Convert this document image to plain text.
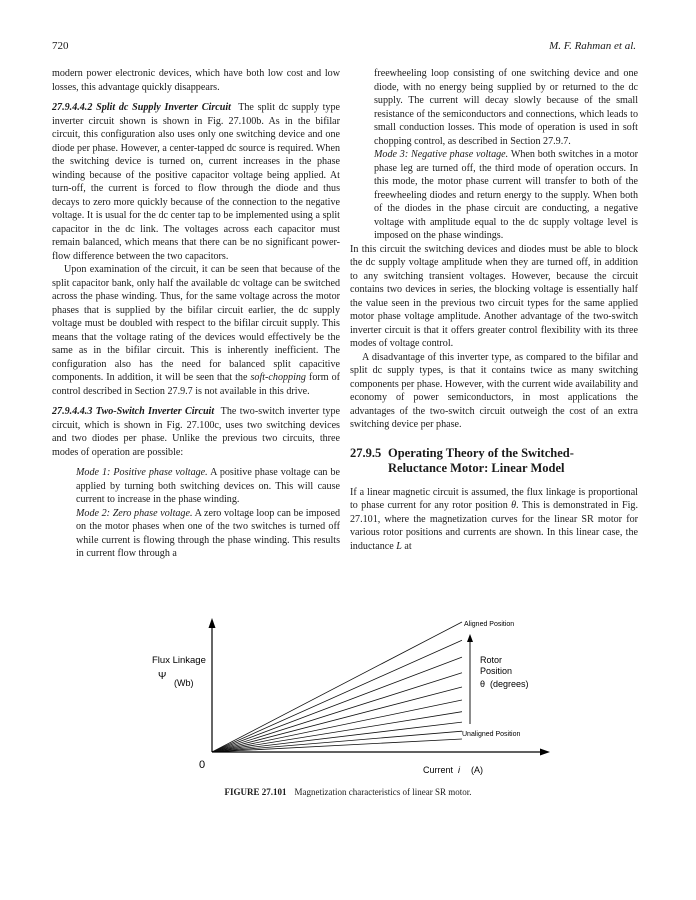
720	M. F. Rahman et al.

modern power electronic devices, which have both low cost and low losses, this advantage quickly disappears.

27.9.4.4.2 Split dc Supply Inverter Circuit The split dc supply type inverter circuit shown is shown in Fig. 27.100b. As in the bifilar circuit, this configuration also uses only one switching device and one diode per phase. However, a center-tapped dc source is required. When the switching device is turned on, current increases in the phase winding because of the positive capacitor voltage being applied. At turn-off, the current is forced to flow through the diode and thus decays to zero more quickly because of the connection to the negative voltage. It is usual for the dc center tap to be implemented using a split capacitor in the dc link. The voltages across each capacitor must remain balanced, which means that there can be no significant power-flow difference between the two capacitors.

Upon examination of the circuit, it can be seen that because of the split capacitor bank, only half the available dc voltage can be switched across the phase winding. Thus, for the same voltage across the motor phases that is supplied by the bifilar circuit earlier, the dc supply voltage must be doubled with respect to the bifilar circuit supply. This means that the voltage rating of the devices would effectively be the same as in the bifilar circuit. This is inherently inefficient. The configuration also has the need for balanced split capacitive components. In addition, it will be seen that the soft-chopping form of control described in Section 27.9.7 is not available in this drive.

27.9.4.4.3 Two-Switch Inverter Circuit The two-switch inverter type circuit, which is shown in Fig. 27.100c, uses two switching devices and two diodes per phase. Unlike the previous two circuits, three modes of operation are possible:

Mode 1: Positive phase voltage. A positive phase voltage can be applied by turning both switching devices on. This will cause current to increase in the phase winding.

Mode 2: Zero phase voltage. A zero voltage loop can be imposed on the motor phases when one of the two switches is turned off while current is flowing through the phase winding. This results in current flow through a

freewheeling loop consisting of one switching device and one diode, with no energy being supplied by or returned to the dc supply. The current will decay slowly because of the small resistance of the semiconductors and connections, which leads to small conduction losses. This mode of operation is used in soft chopping control, as described in Section 27.9.7.

Mode 3: Negative phase voltage. When both switches in a motor phase leg are turned off, the third mode of operation occurs. In this mode, the motor phase current will transfer to both of the freewheeling diodes and return energy to the supply. When both of the diodes in the phase circuit are conducting, a negative voltage with amplitude equal to the dc supply voltage level is imposed on the phase windings.

In this circuit the switching devices and diodes must be able to block the dc supply voltage amplitude when they are turned off, in addition to any switching transient voltages. However, because the circuit contains two devices in series, the blocking voltage is essentially half the value seen in the previous two circuit types for the same applied motor phase voltage amplitude. Another advantage of the two-switch inverter circuit is that it offers greater control flexibility with its three modes of voltage control.

A disadvantage of this inverter type, as compared to the bifilar and split dc supply types, is that it contains twice as many switching components per phase. However, with the current wide availability and economy of power semiconductors, in most applications the advantages of the two-switch circuit outweigh the cost of an extra switching device per phase.

27.9.5 Operating Theory of the Switched-
Reluctance Motor: Linear Model

If a linear magnetic circuit is assumed, the flux linkage is proportional to phase current for any rotor position θ. This is demonstrated in Fig. 27.101, where the magnetization curves for the linear SR motor for various rotor positions and currents are shown. In this linear case, the inductance L at

Flux Linkage
Ψ
(Wb)
0	Current i (A)
Aligned Position
Unaligned Position
Rotor
Position
θ (degrees)
FIGURE 27.101 Magnetization characteristics of linear SR motor.
